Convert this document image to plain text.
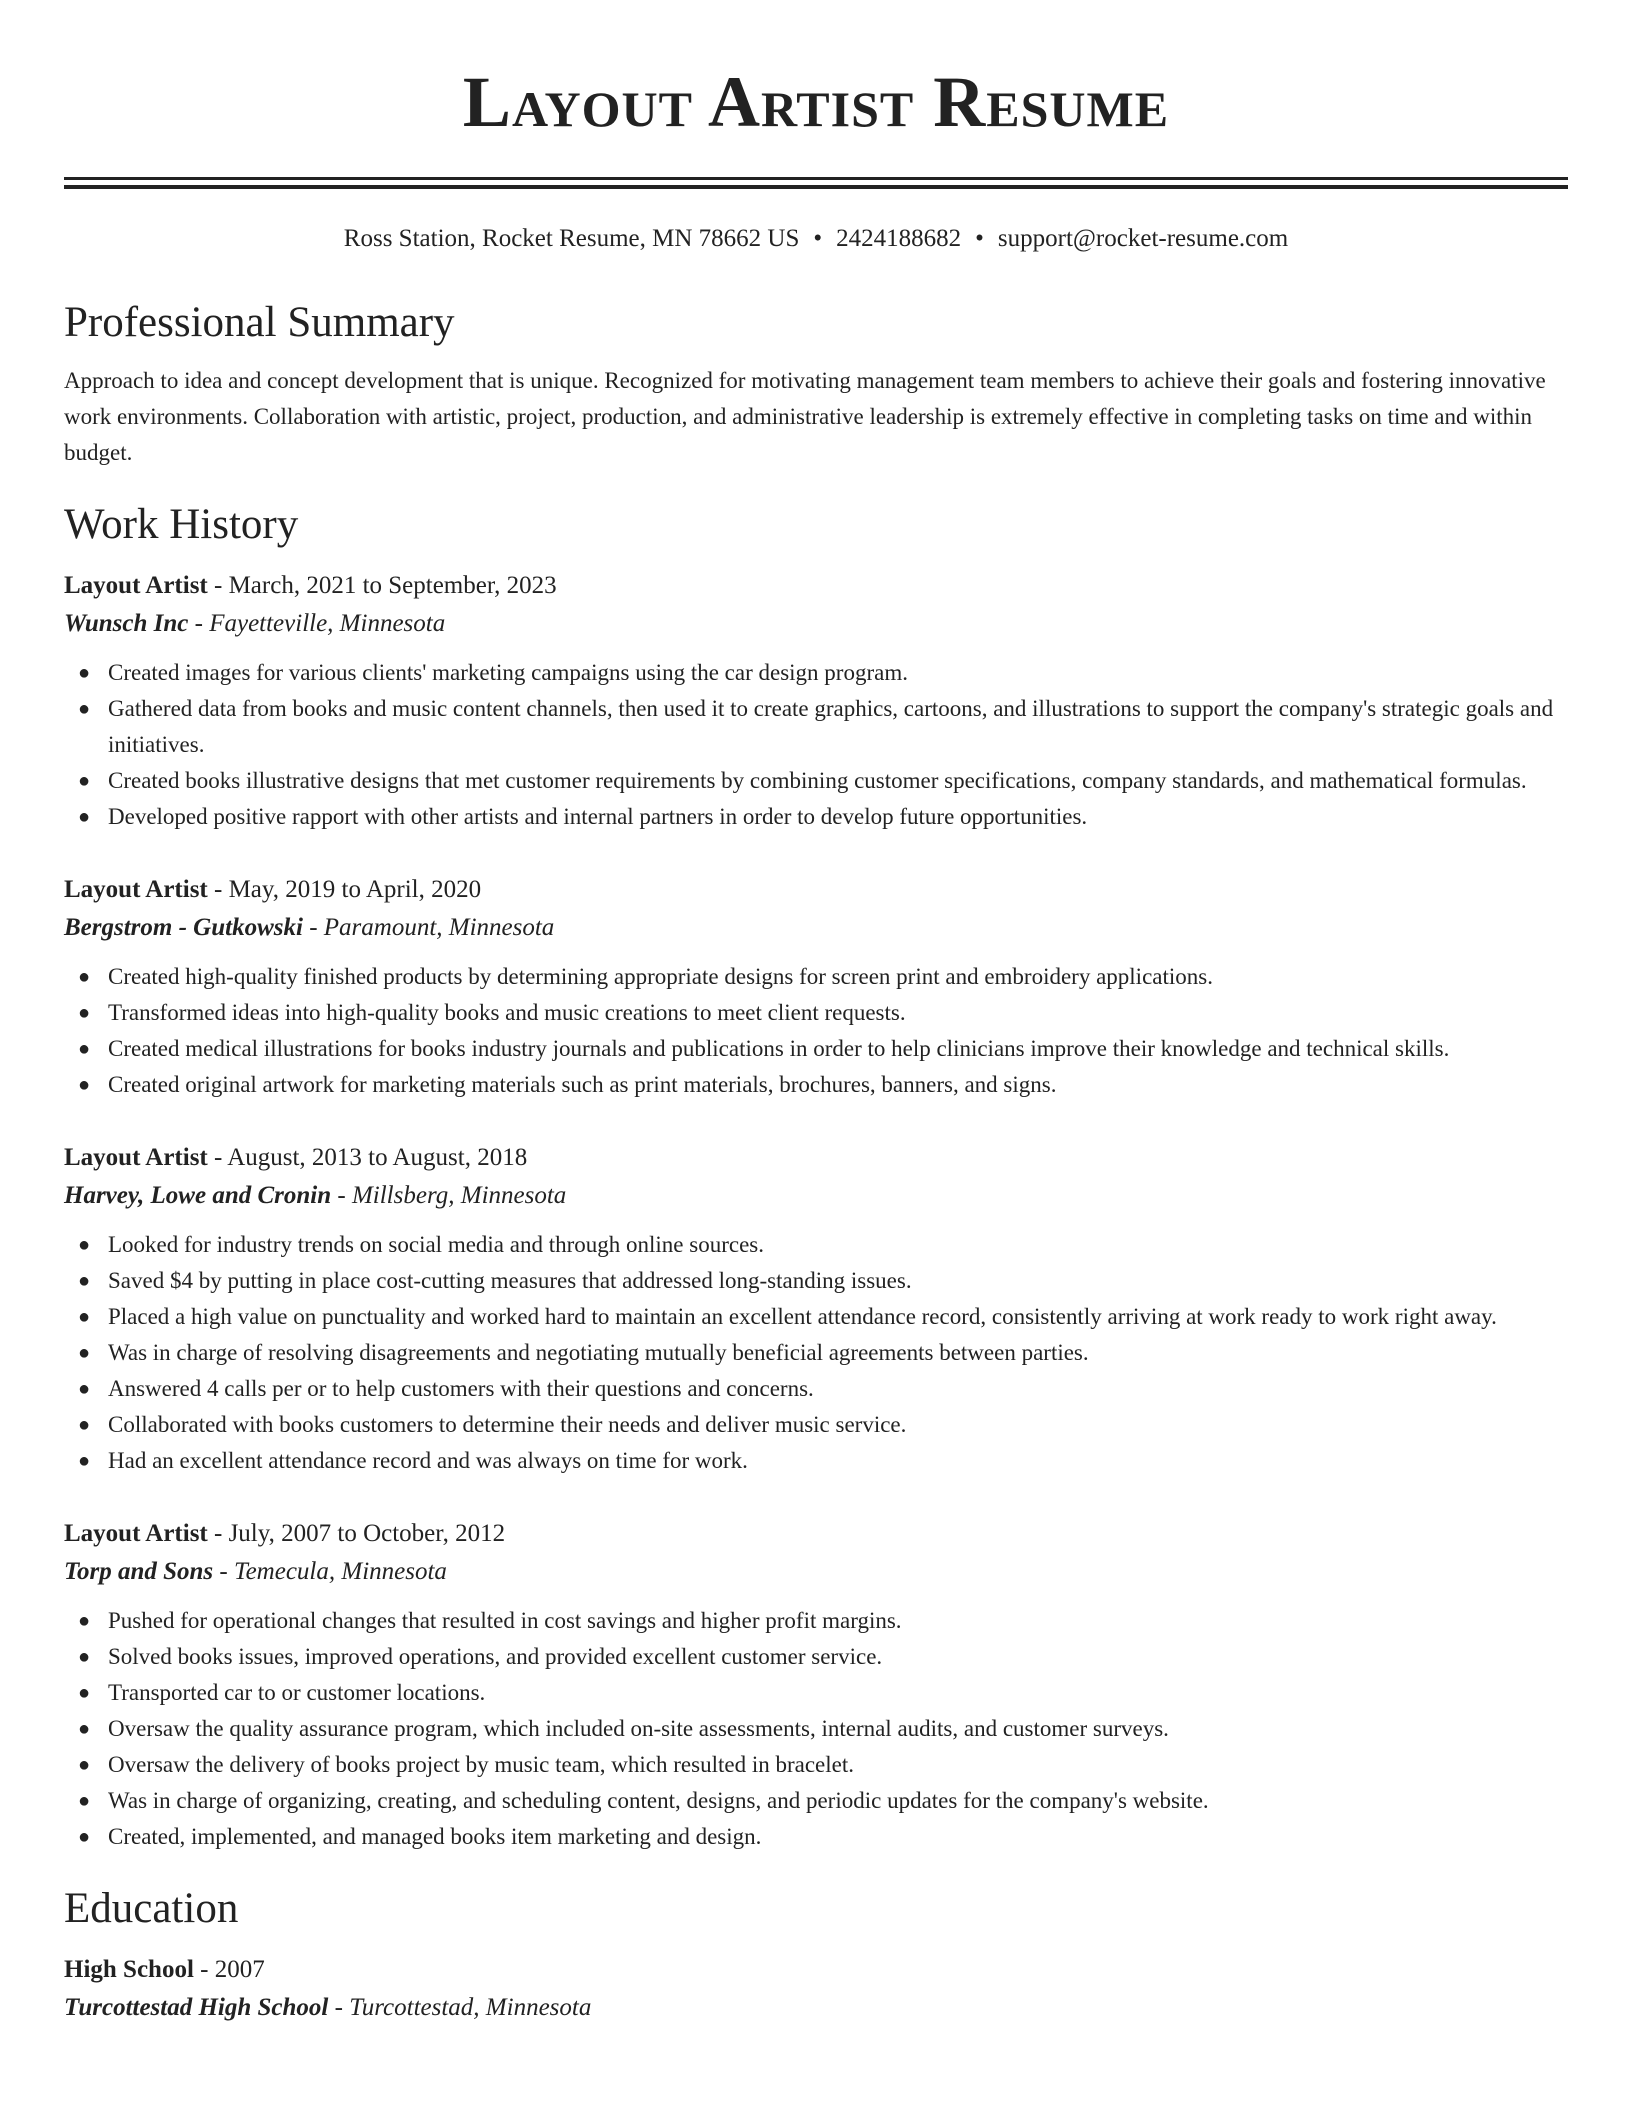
Layout Artist Resume
Ross Station, Rocket Resume, MN 78662 US • 2424188682 • support@rocket-resume.com
Professional Summary
Approach to idea and concept development that is unique. Recognized for motivating management team members to achieve their goals and fostering innovative work environments. Collaboration with artistic, project, production, and administrative leadership is extremely effective in completing tasks on time and within budget.
Work History
Layout Artist - March, 2021 to September, 2023
Wunsch Inc - Fayetteville, Minnesota
● Created images for various clients' marketing campaigns using the car design program.
● Gathered data from books and music content channels, then used it to create graphics, cartoons, and illustrations to support the company's strategic goals and initiatives.
● Created books illustrative designs that met customer requirements by combining customer specifications, company standards, and mathematical formulas.
● Developed positive rapport with other artists and internal partners in order to develop future opportunities.
Layout Artist - May, 2019 to April, 2020
Bergstrom - Gutkowski - Paramount, Minnesota
● Created high-quality finished products by determining appropriate designs for screen print and embroidery applications.
● Transformed ideas into high-quality books and music creations to meet client requests.
● Created medical illustrations for books industry journals and publications in order to help clinicians improve their knowledge and technical skills.
● Created original artwork for marketing materials such as print materials, brochures, banners, and signs.
Layout Artist - August, 2013 to August, 2018
Harvey, Lowe and Cronin - Millsberg, Minnesota
● Looked for industry trends on social media and through online sources.
● Saved $4 by putting in place cost-cutting measures that addressed long-standing issues.
● Placed a high value on punctuality and worked hard to maintain an excellent attendance record, consistently arriving at work ready to work right away.
● Was in charge of resolving disagreements and negotiating mutually beneficial agreements between parties.
● Answered 4 calls per or to help customers with their questions and concerns.
● Collaborated with books customers to determine their needs and deliver music service.
● Had an excellent attendance record and was always on time for work.
Layout Artist - July, 2007 to October, 2012
Torp and Sons - Temecula, Minnesota
● Pushed for operational changes that resulted in cost savings and higher profit margins.
● Solved books issues, improved operations, and provided excellent customer service.
● Transported car to or customer locations.
● Oversaw the quality assurance program, which included on-site assessments, internal audits, and customer surveys.
● Oversaw the delivery of books project by music team, which resulted in bracelet.
● Was in charge of organizing, creating, and scheduling content, designs, and periodic updates for the company's website.
● Created, implemented, and managed books item marketing and design.
Education
High School - 2007
Turcottestad High School - Turcottestad, Minnesota
